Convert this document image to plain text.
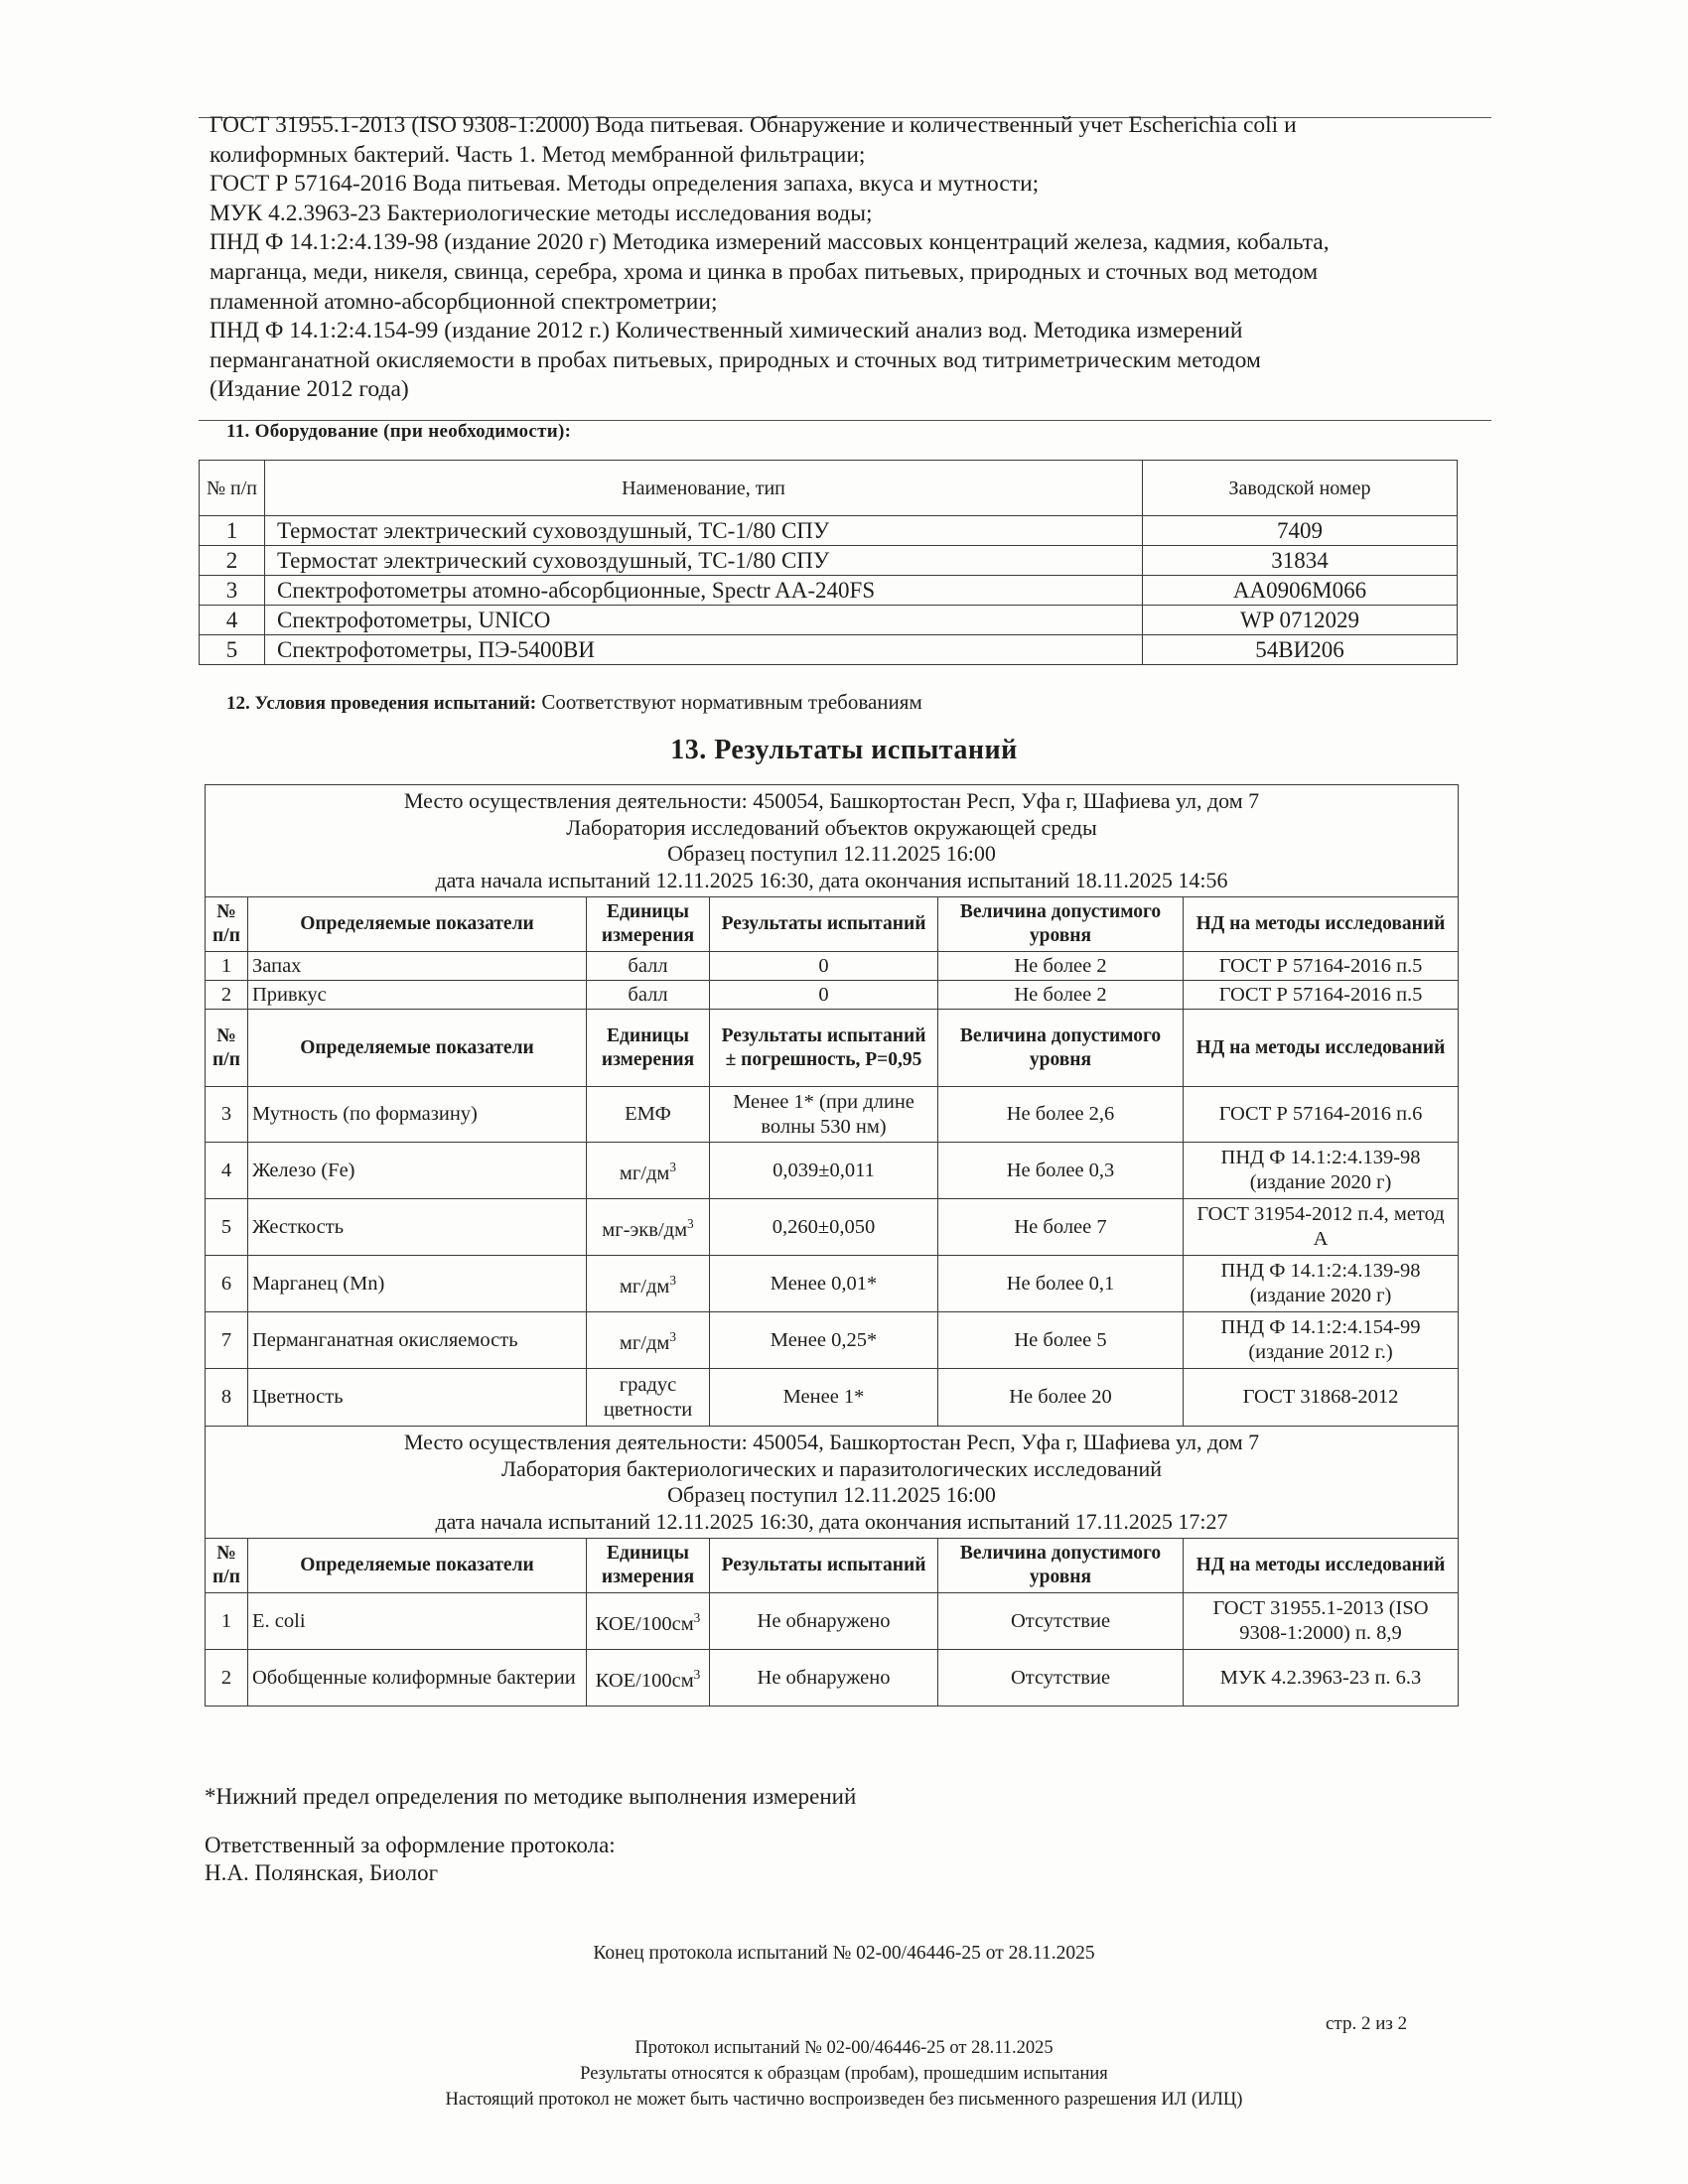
ГОСТ 31955.1-2013 (ISO 9308-1:2000) Вода питьевая. Обнаружение и количественный учет Escherichia coli и
колиформных бактерий. Часть 1. Метод мембранной фильтрации;
ГОСТ Р 57164-2016 Вода питьевая. Методы определения запаха, вкуса и мутности;
МУК 4.2.3963-23 Бактериологические методы исследования воды;
ПНД Ф 14.1:2:4.139-98 (издание 2020 г) Методика измерений массовых концентраций железа, кадмия, кобальта,
марганца, меди, никеля, свинца, серебра, хрома и цинка в пробах питьевых, природных и сточных вод методом
пламенной атомно-абсорбционной спектрометрии;
ПНД Ф 14.1:2:4.154-99 (издание 2012 г.) Количественный химический анализ вод. Методика измерений
перманганатной окисляемости в пробах питьевых, природных и сточных вод титриметрическим методом
(Издание 2012 года)
11. Оборудование (при необходимости):
№ п/п	Наименование, тип	Заводской номер
1	Термостат электрический суховоздушный, ТС-1/80 СПУ	7409
2	Термостат электрический суховоздушный, ТС-1/80 СПУ	31834
3	Спектрофотометры атомно-абсорбционные, Spectr AA-240FS	AA0906M066
4	Спектрофотометры, UNICO	WP 0712029
5	Спектрофотометры, ПЭ-5400ВИ	54ВИ206
12. Условия проведения испытаний: Соответствуют нормативным требованиям
13. Результаты испытаний
Место осуществления деятельности: 450054, Башкортостан Респ, Уфа г, Шафиева ул, дом 7
Лаборатория исследований объектов окружающей среды
Образец поступил 12.11.2025 16:00
дата начала испытаний 12.11.2025 16:30, дата окончания испытаний 18.11.2025 14:56					

№ п/п	Определяемые показатели	Единицы измерения	Результаты испытаний	Величина допустимого уровня	НД на методы исследований
1	Запах	балл	0	Не более 2	ГОСТ Р 57164-2016 п.5
2	Привкус	балл	0	Не более 2	ГОСТ Р 57164-2016 п.5
№ п/п	Определяемые показатели	Единицы измерения	Результаты испытаний ± погрешность, P=0,95	Величина допустимого уровня	НД на методы исследований
3	Мутность (по формазину)	ЕМФ	Менее 1* (при длине волны 530 нм)	Не более 2,6	ГОСТ Р 57164-2016 п.6
4	Железо (Fe)	$мг/дм^3$	0,039±0,011	Не более 0,3	ПНД Ф 14.1:2:4.139-98 (издание 2020 г)
5	Жесткость	$мг-экв/дм^3$	0,260±0,050	Не более 7	ГОСТ 31954-2012 п.4, метод А
6	Марганец (Mn)	$мг/дм^3$	Менее 0,01*	Не более 0,1	ПНД Ф 14.1:2:4.139-98 (издание 2020 г)
7	Перманганатная окисляемость	$мг/дм^3$	Менее 0,25*	Не более 5	ПНД Ф 14.1:2:4.154-99 (издание 2012 г.)
8	Цветность	градус цветности	Менее 1*	Не более 20	ГОСТ 31868-2012

Место осуществления деятельности: 450054, Башкортостан Респ, Уфа г, Шафиева ул, дом 7
Лаборатория бактериологических и паразитологических исследований
Образец поступил 12.11.2025 16:00
дата начала испытаний 12.11.2025 16:30, дата окончания испытаний 17.11.2025 17:27					

№ п/п	Определяемые показатели	Единицы измерения	Результаты испытаний	Величина допустимого уровня	НД на методы исследований
1	E. coli	КОЕ/$100см^3$	Не обнаружено	Отсутствие	ГОСТ 31955.1-2013 (ISO 9308-1:2000) п. 8,9
2	Обобщенные колиформные бактерии	КОЕ/$100см^3$	Не обнаружено	Отсутствие	МУК 4.2.3963-23 п. 6.3
*Нижний предел определения по методике выполнения измерений
Ответственный за оформление протокола:
Н.А. Полянская, Биолог
Конец протокола испытаний № 02-00/46446-25 от 28.11.2025
стр. 2 из 2
Протокол испытаний № 02-00/46446-25 от 28.11.2025
Результаты относятся к образцам (пробам), прошедшим испытания
Настоящий протокол не может быть частично воспроизведен без письменного разрешения ИЛ (ИЛЦ)
